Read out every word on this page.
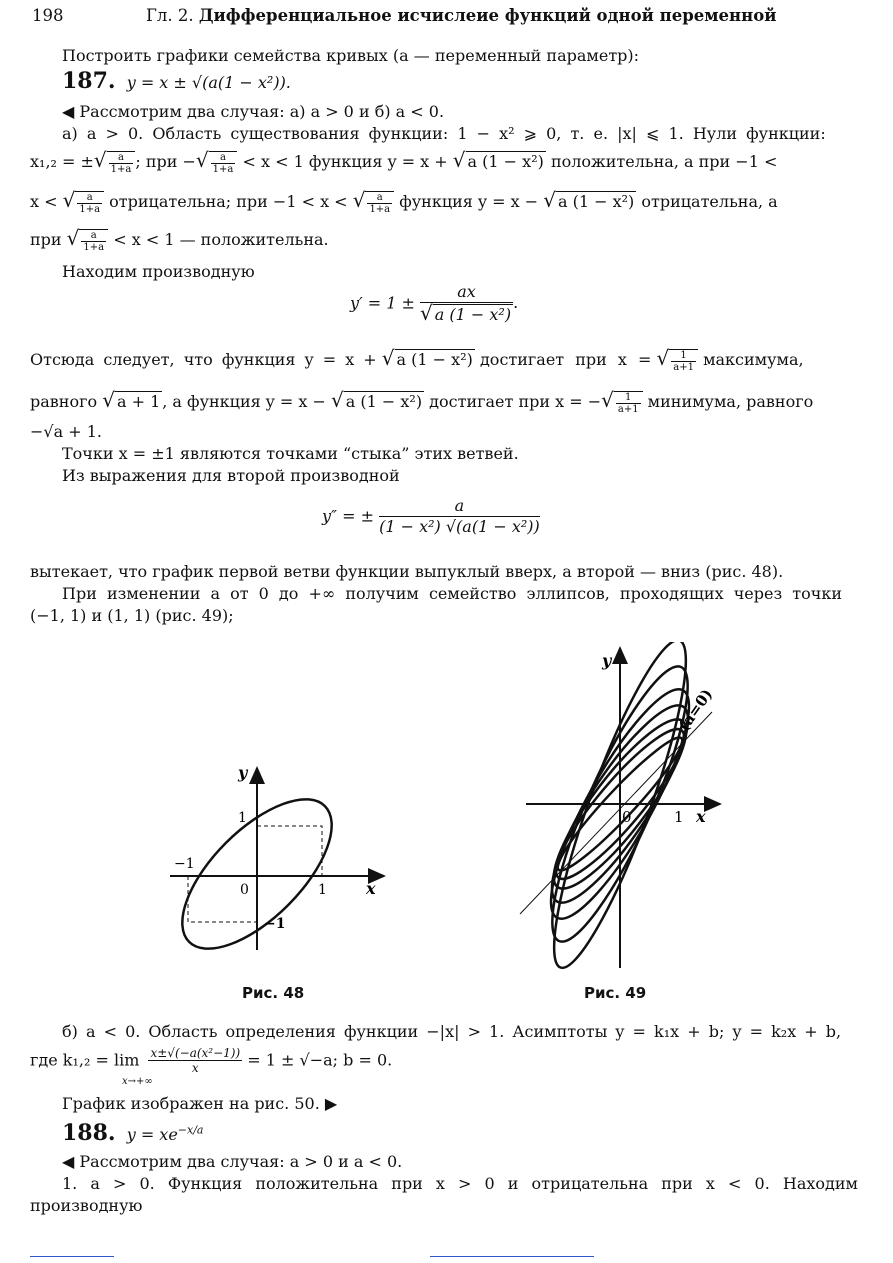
198	Гл. 2. Дифференциальное исчислеие функций одной переменной
Построить графики семейства кривых (a — переменный параметр):
187. y = x ± √(a(1 − x²)).
◀ Рассмотрим два случая: а) a > 0 и б) a < 0.
а) a > 0. Область существования функции: 1 − x² ⩾ 0, т. е. |x| ⩽ 1. Нули функции:
x₁,₂ = ±√ $\frac{a}{1+a}$ ; при −√ $\frac{a}{1+a} < x < 1$ функция y = x + √ a (1 − x²) положительна, а при −1 <
x < √ $\frac{a}{1+a}$ отрицательна; при −1 < x < √ $\frac{a}{1+a}$ функция y = x − √ a (1 − x²) отрицательна, а
при √ $\frac{a}{1+a} < x < 1$ — положительна.
Находим производную
$y' = 1 \pm \frac{ax}{\text{√ a (1 − x²)}}$ .
Отсюда следует, что функция y = x + √ a (1 − x²) достигает при x = √ $\frac{1}{a+1}$ максимума,
равного √ a + 1 , а функция y = x − √ a (1 − x²) достигает при x = −√ $\frac{1}{a+1}$ минимума, равного
−√a + 1.
Точки x = ±1 являются точками “стыка” этих ветвей.
Из выражения для второй производной
y″ = ± $\frac{a}{\text{(1 − x²) √(a(1 − x²))}}$
вытекает, что график первой ветви функции выпуклый вверх, а второй — вниз (рис. 48).
При изменении a от 0 до +∞ получим семейство эллипсов, проходящих через точки
(−1, 1) и (1, 1) (рис. 49);
y
1
−1
0	1 x
−1
Рис. 48
y
(a=0)
0	1 x
Рис. 49
б) a < 0. Область определения функции −|x| > 1. Асимптоты y = k₁x + b; y = k₂x + b,
где $k_1,_2 = \lim \frac{\text{x±√(−a(x²−1))}}{x} = 1 \pm √-a$; b = 0.
x→+∞
График изображен на рис. 50. ▶
188. $y = xe^{-x/a}$
◀ Рассмотрим два случая: a > 0 и a < 0.
1. a > 0. Функция положительна при x > 0 и отрицательна при x < 0. Находим
производную
